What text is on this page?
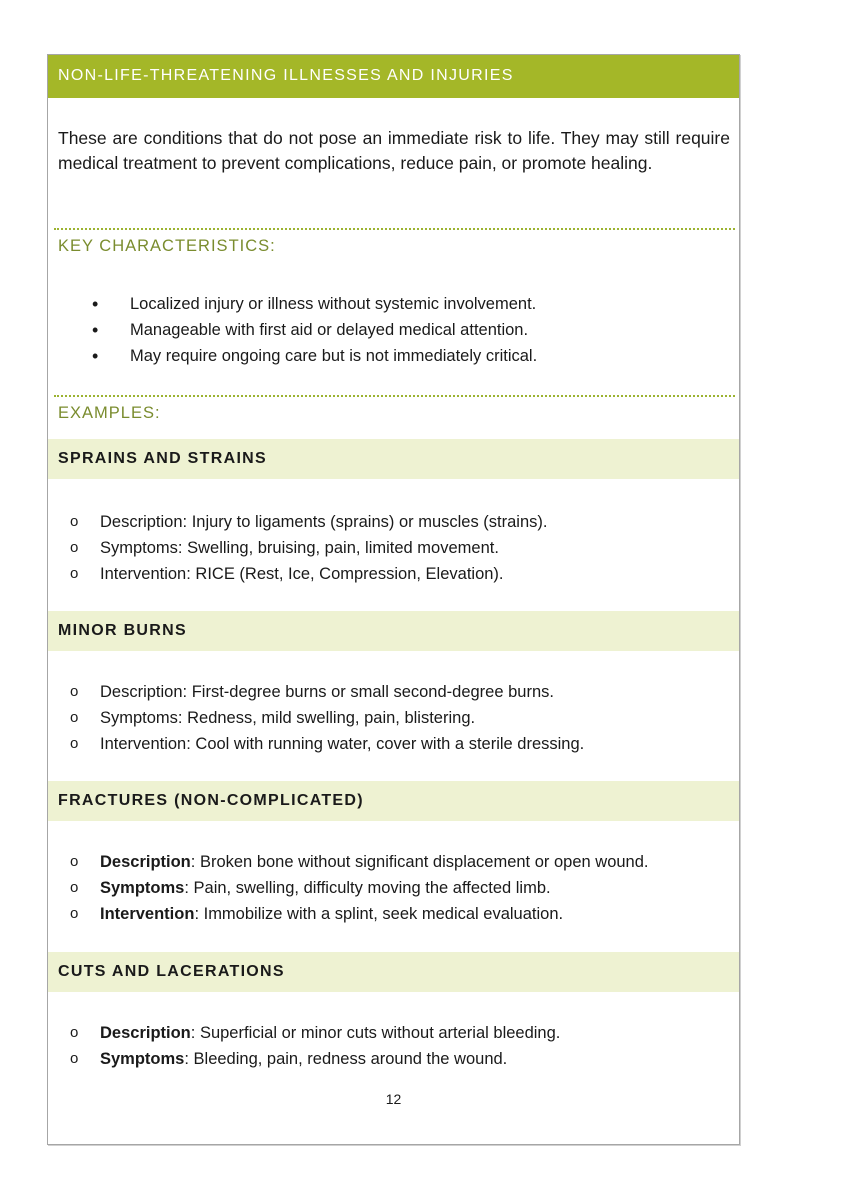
NON-LIFE-THREATENING ILLNESSES AND INJURIES
These are conditions that do not pose an immediate risk to life. They may still require medical treatment to prevent complications, reduce pain, or promote healing.
KEY CHARACTERISTICS:
• Localized injury or illness without systemic involvement.
• Manageable with first aid or delayed medical attention.
• May require ongoing care but is not immediately critical.
EXAMPLES:
SPRAINS AND STRAINS
o Description: Injury to ligaments (sprains) or muscles (strains).
o Symptoms: Swelling, bruising, pain, limited movement.
o Intervention: RICE (Rest, Ice, Compression, Elevation).
MINOR BURNS
o Description: First-degree burns or small second-degree burns.
o Symptoms: Redness, mild swelling, pain, blistering.
o Intervention: Cool with running water, cover with a sterile dressing.
FRACTURES (NON-COMPLICATED)
o Description: Broken bone without significant displacement or open wound.
o Symptoms: Pain, swelling, difficulty moving the affected limb.
o Intervention: Immobilize with a splint, seek medical evaluation.
CUTS AND LACERATIONS
o Description: Superficial or minor cuts without arterial bleeding.
o Symptoms: Bleeding, pain, redness around the wound.
12
